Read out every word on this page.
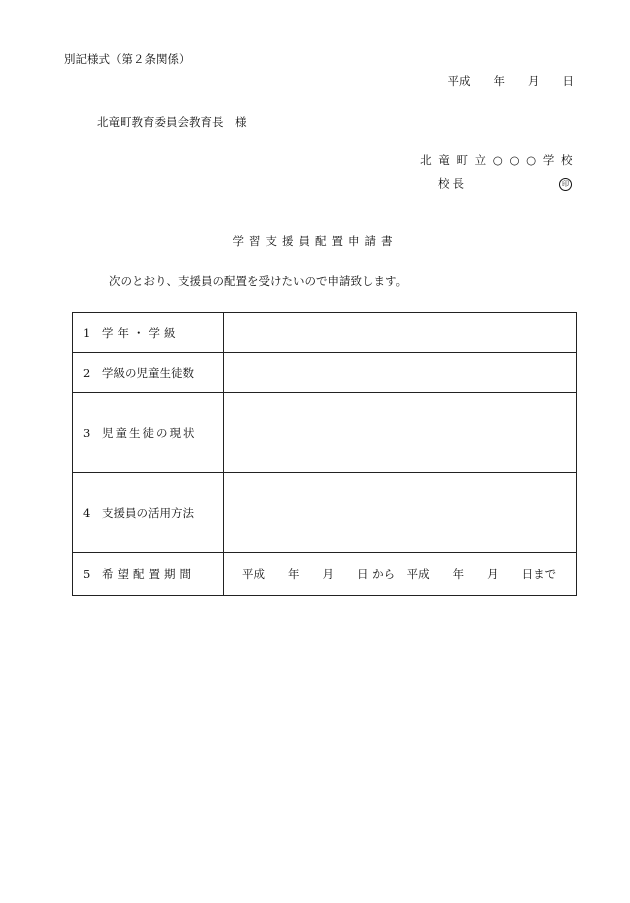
別記様式（第２条関係）
平成　　年　　月　　日
北竜町教育委員会教育長　様
北 竜 町 立 ○ ○ ○ 学 校
校長	印
学習支援員配置申請書
次のとおり、支援員の配置を受けたいので申請致します。
1 学年・学級	
2 学級の児童生徒数	
3 児童生徒の現状	
4 支援員の活用方法	
5 希望配置期間	平成　　年　　月　　日 から　平成　　年　　月　　日まで
